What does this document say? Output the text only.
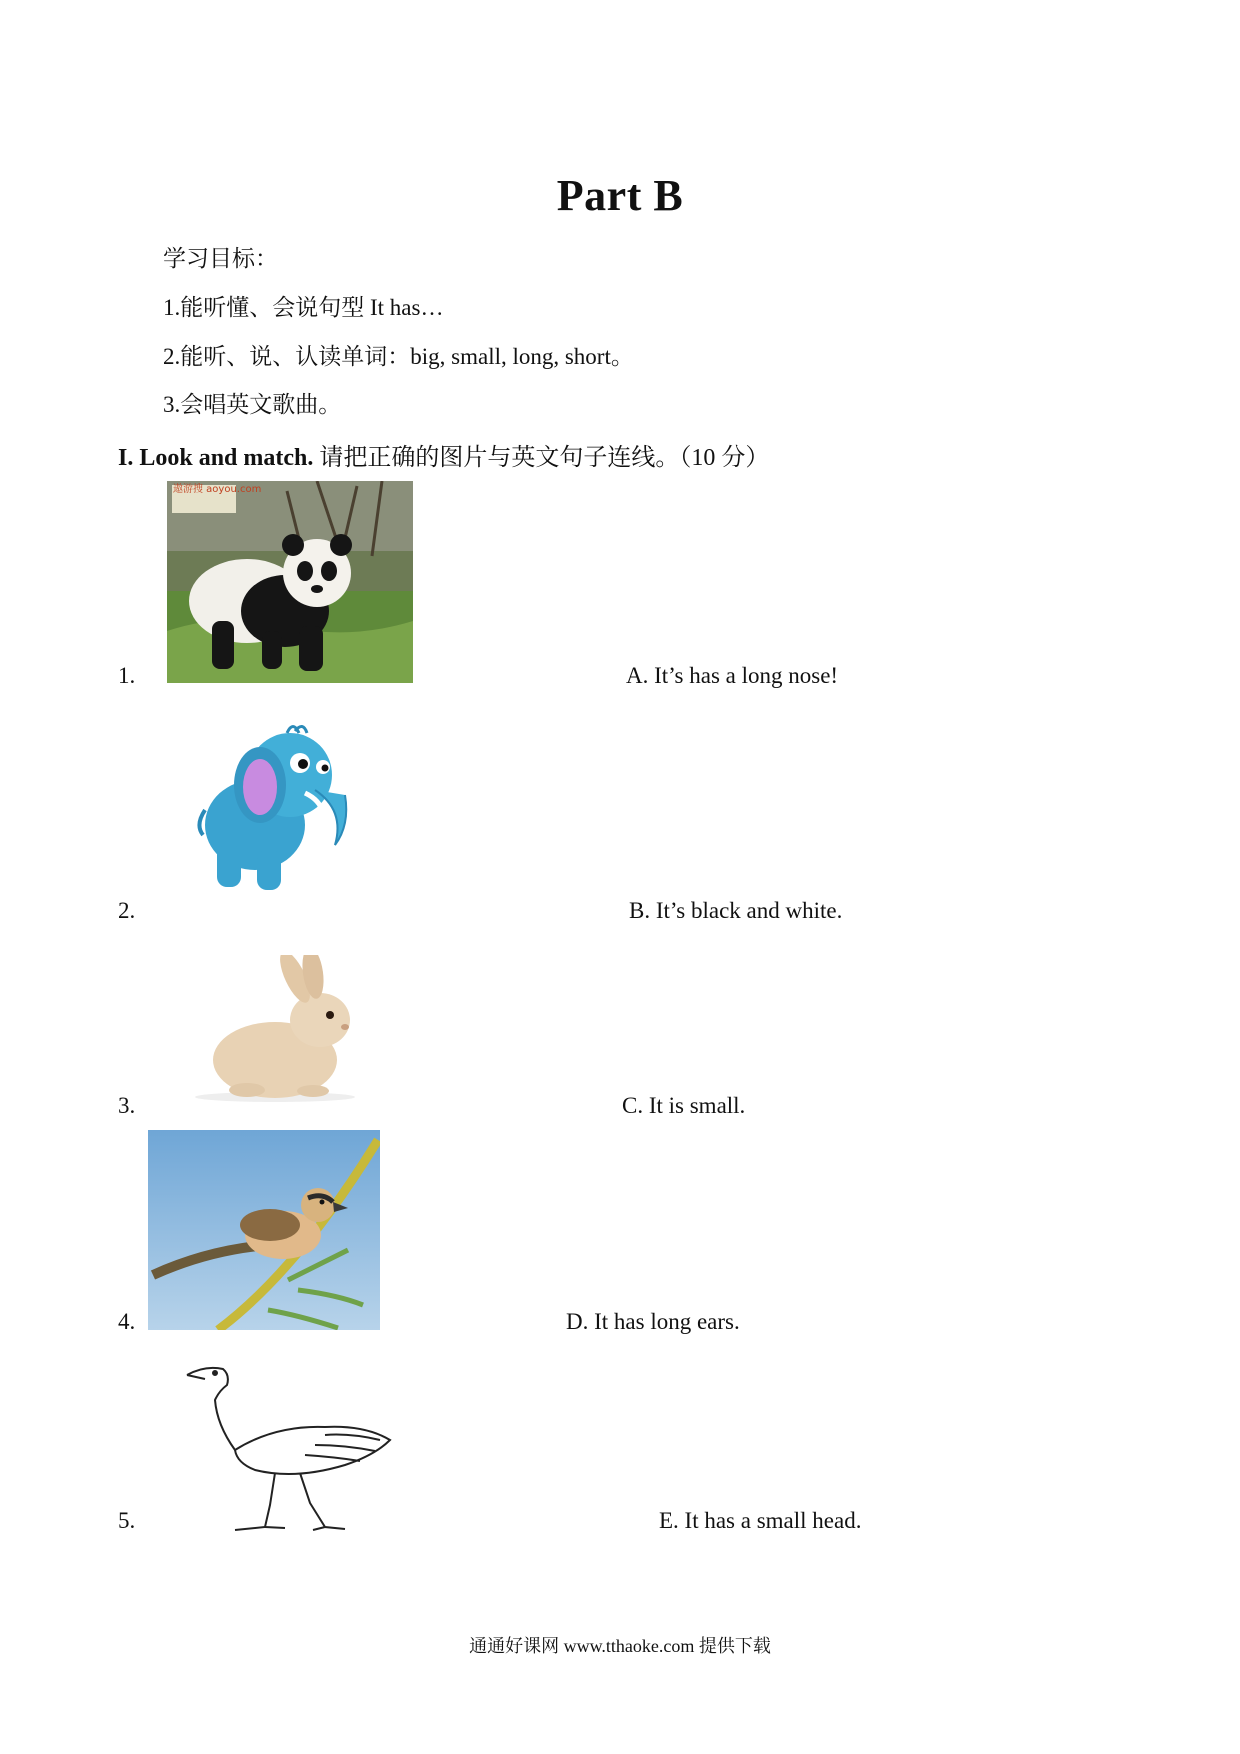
Part B
学习目标：
1.能听懂、会说句型 It has…
2.能听、说、认读单词：big, small, long, short。
3.会唱英文歌曲。
I. Look and match. 请把正确的图片与英文句子连线。（10 分）
1.
遨游搜 aoyou.com
A. It’s has a long nose!
2.	B. It’s black and white.
3.	C. It is small.
4.	D. It has long ears.
5.	E. It has a small head.
通通好课网 www.tthaoke.com 提供下载
